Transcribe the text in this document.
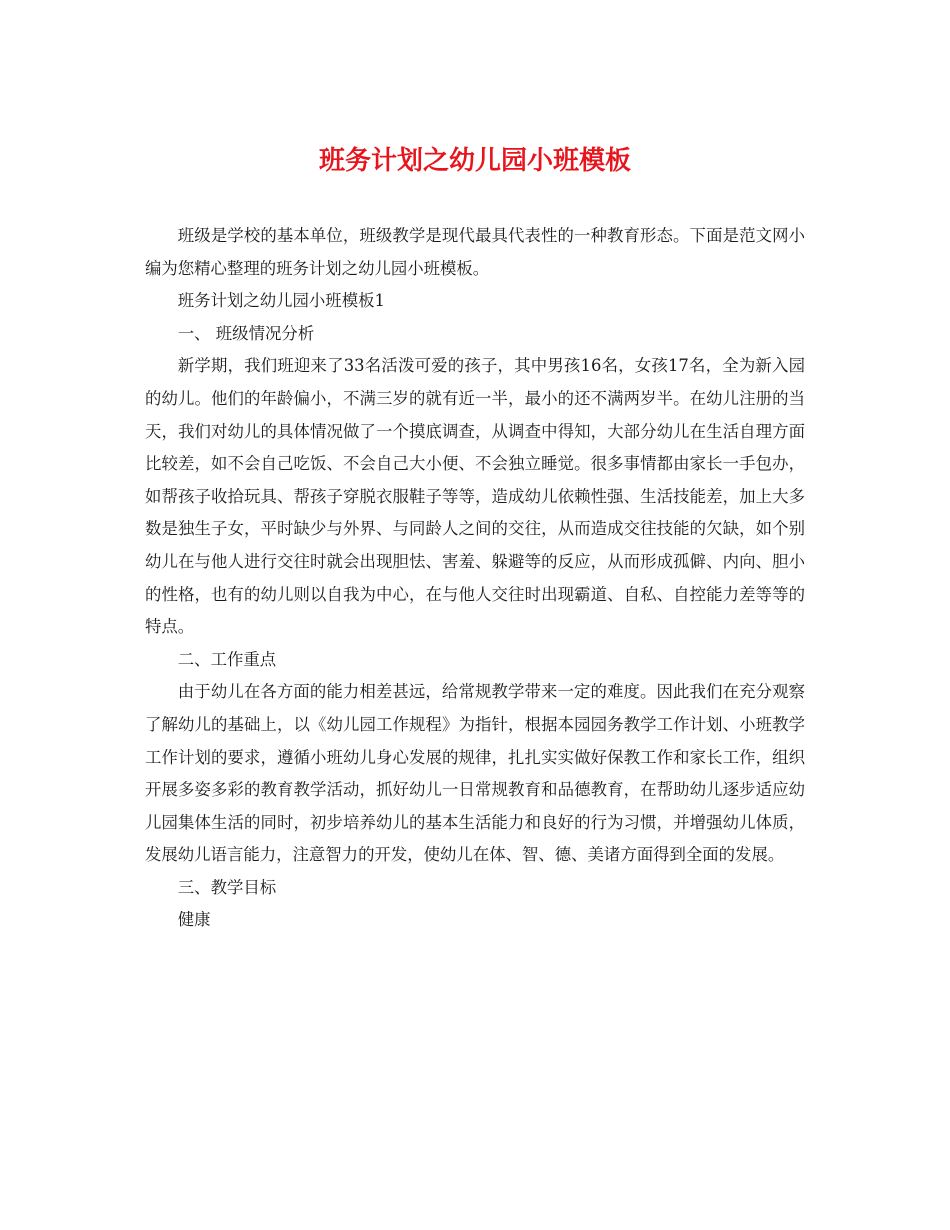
班务计划之幼儿园小班模板

班级是学校的基本单位，班级教学是现代最具代表性的一种教育形态。下面是范文网小编为您精心整理的班务计划之幼儿园小班模板。

班务计划之幼儿园小班模板1

一、 班级情况分析

新学期，我们班迎来了33名活泼可爱的孩子，其中男孩16名，女孩17名，全为新入园的幼儿。他们的年龄偏小，不满三岁的就有近一半，最小的还不满两岁半。在幼儿注册的当天，我们对幼儿的具体情况做了一个摸底调查，从调查中得知，大部分幼儿在生活自理方面比较差，如不会自己吃饭、不会自己大小便、不会独立睡觉。很多事情都由家长一手包办，如帮孩子收拾玩具、帮孩子穿脱衣服鞋子等等，造成幼儿依赖性强、生活技能差，加上大多数是独生子女，平时缺少与外界、与同龄人之间的交往，从而造成交往技能的欠缺，如个别幼儿在与他人进行交往时就会出现胆怯、害羞、躲避等的反应，从而形成孤僻、内向、胆小的性格，也有的幼儿则以自我为中心，在与他人交往时出现霸道、自私、自控能力差等等的特点。

二、工作重点

由于幼儿在各方面的能力相差甚远，给常规教学带来一定的难度。因此我们在充分观察了解幼儿的基础上，以《幼儿园工作规程》为指针，根据本园园务教学工作计划、小班教学工作计划的要求，遵循小班幼儿身心发展的规律，扎扎实实做好保教工作和家长工作，组织开展多姿多彩的教育教学活动，抓好幼儿一日常规教育和品德教育，在帮助幼儿逐步适应幼儿园集体生活的同时，初步培养幼儿的基本生活能力和良好的行为习惯，并增强幼儿体质，发展幼儿语言能力，注意智力的开发，使幼儿在体、智、德、美诸方面得到全面的发展。

三、教学目标

健康
